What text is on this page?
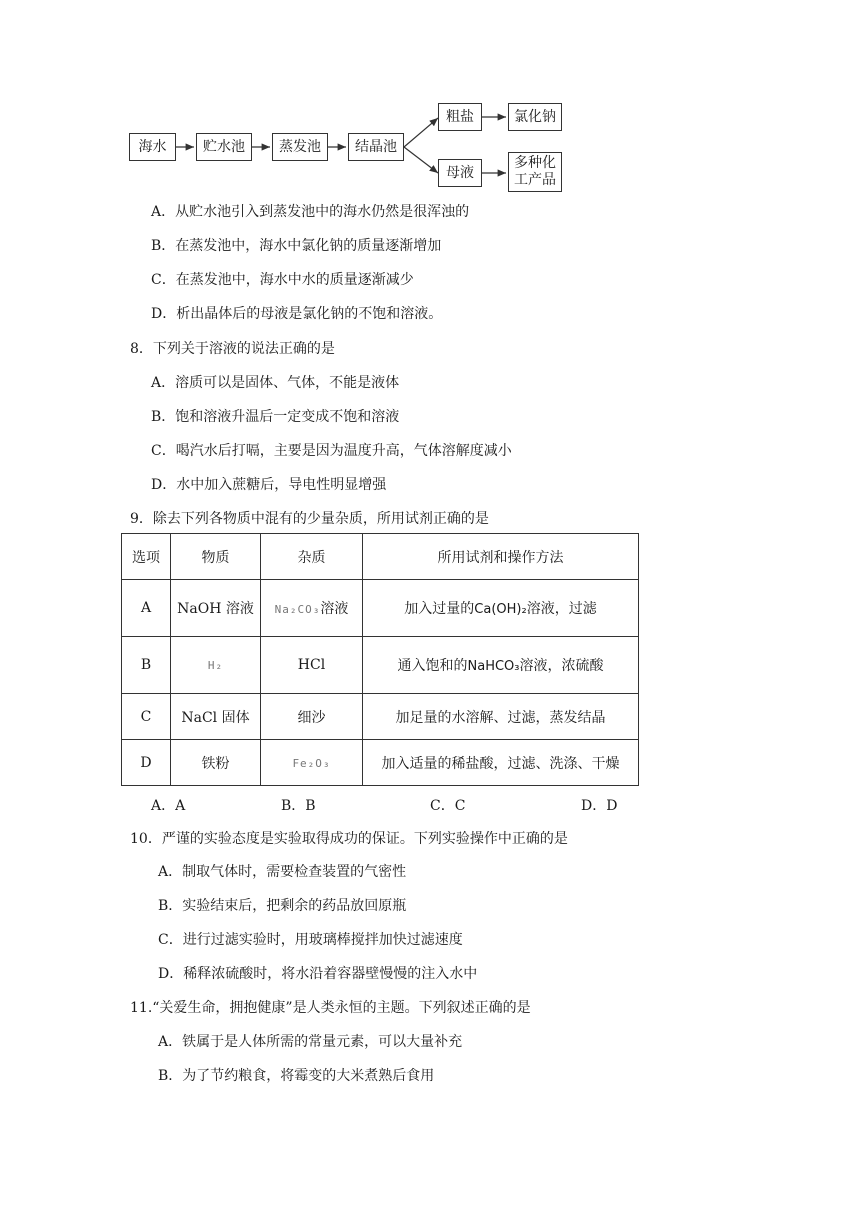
海水	贮水池	蒸发池	结晶池
粗盐	氯化钠
母液
多种化
工产品
A．从贮水池引入到蒸发池中的海水仍然是很浑浊的
B．在蒸发池中，海水中氯化钠的质量逐渐增加
C．在蒸发池中，海水中水的质量逐渐减少
D．析出晶体后的母液是氯化钠的不饱和溶液。
8．下列关于溶液的说法正确的是
A．溶质可以是固体、气体，不能是液体
B．饱和溶液升温后一定变成不饱和溶液
C．喝汽水后打嗝，主要是因为温度升高，气体溶解度减小
D．水中加入蔗糖后，导电性明显增强
9．除去下列各物质中混有的少量杂质，所用试剂正确的是
选项	物质	杂质	所用试剂和操作方法
A	NaOH 溶液	Na₂CO₃溶液	加入过量的Ca(OH)₂溶液，过滤
B	H₂	HCl	通入饱和的NaHCO₃溶液，浓硫酸
C	NaCl 固体	细沙	加足量的水溶解、过滤，蒸发结晶
D	铁粉	Fe₂O₃	加入适量的稀盐酸，过滤、洗涤、干燥
A．A	B．B	C．C	D．D
10．严谨的实验态度是实验取得成功的保证。下列实验操作中正确的是
A．制取气体时，需要检查装置的气密性
B．实验结束后，把剩余的药品放回原瓶
C．进行过滤实验时，用玻璃棒搅拌加快过滤速度
D．稀释浓硫酸时，将水沿着容器壁慢慢的注入水中
11.“关爱生命，拥抱健康”是人类永恒的主题。下列叙述正确的是
A．铁属于是人体所需的常量元素，可以大量补充
B．为了节约粮食，将霉变的大米煮熟后食用
